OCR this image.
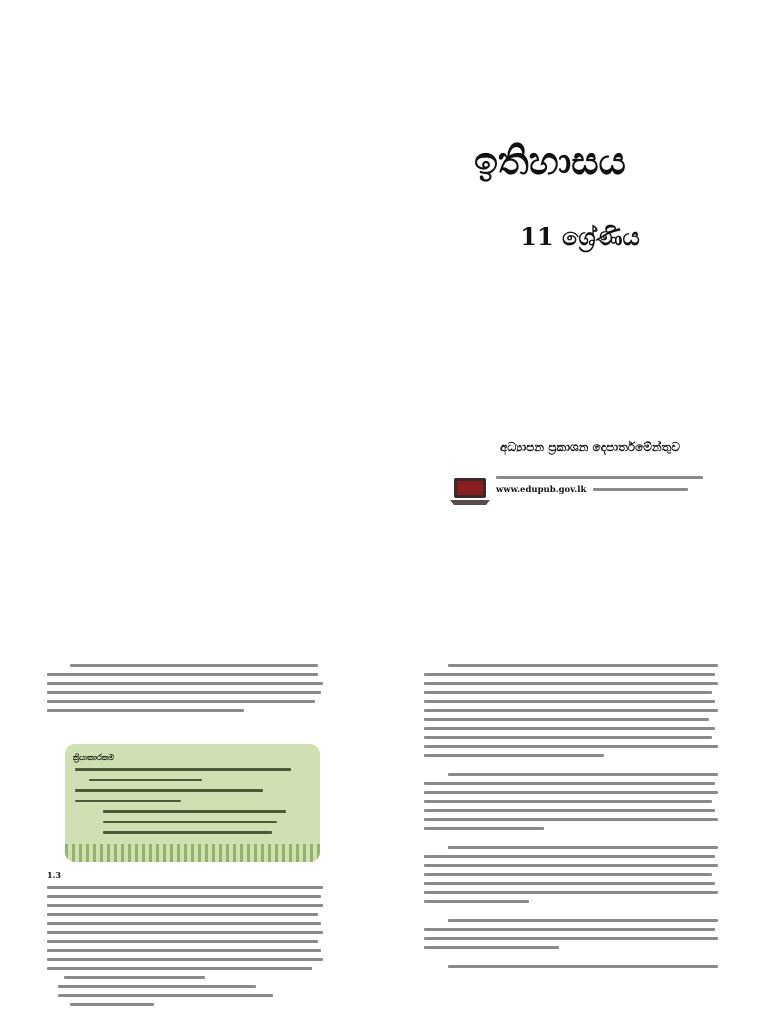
ඉතිහාසය
11 ශ්‍රේණිය

අධ්‍යාපන ප්‍රකාශන දෙපාර්තමේන්තුව

www.edupub.gov.lk
ක්‍රියාකාරකම
1.3
